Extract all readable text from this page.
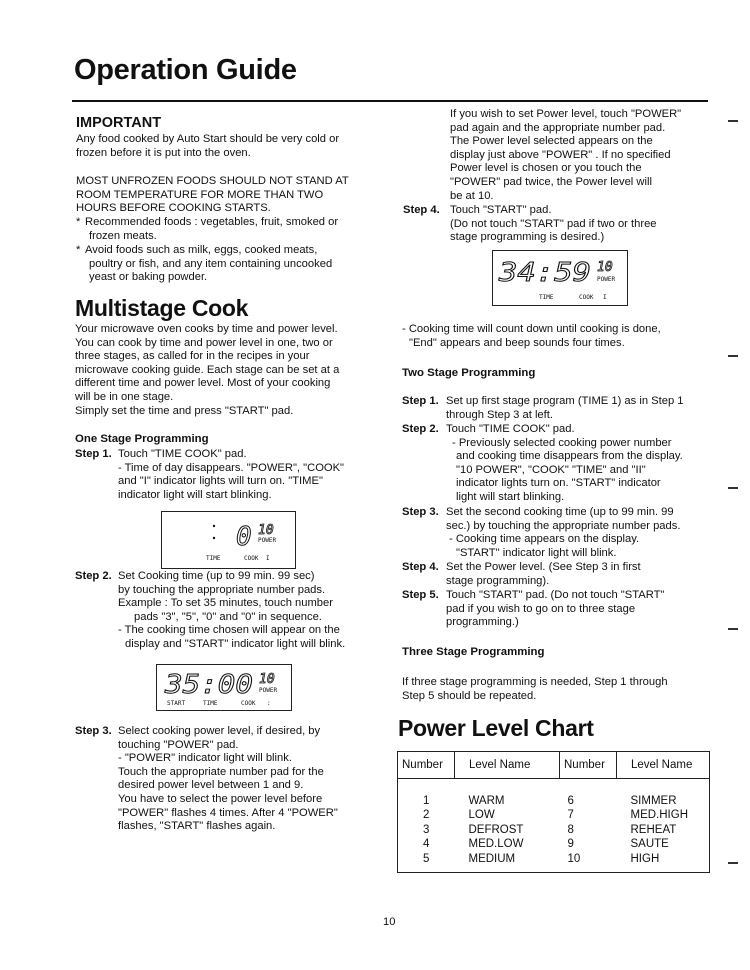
Operation Guide
IMPORTANT
Any food cooked by Auto Start should be very cold or
frozen before it is put into the oven.
MOST UNFROZEN FOODS SHOULD NOT STAND AT
ROOM TEMPERATURE FOR MORE THAN TWO
HOURS BEFORE COOKING STARTS.
* Recommended foods : vegetables, fruit, smoked or
frozen meats.
* Avoid foods such as milk, eggs, cooked meats,
poultry or fish, and any item containing uncooked
yeast or baking powder.
Multistage Cook
Your microwave oven cooks by time and power level.
You can cook by time and power level in one, two or
three stages, as called for in the recipes in your
microwave cooking guide. Each stage can be set at a
different time and power level. Most of your cooking
will be in one stage.
Simply set the time and press "START" pad.
One Stage Programming
Step 1. Touch "TIME COOK" pad.
- Time of day disappears. "POWER", "COOK"
and "I" indicator lights will turn on. "TIME"
indicator light will start blinking.
0 10
POWER
TIME	COOK I
Step 2. Set Cooking time (up to 99 min. 99 sec)
by touching the appropriate number pads.
Example : To set 35 minutes, touch number
pads "3", "5", "0" and "0" in sequence.
- The cooking time chosen will appear on the
display and "START" indicator light will blink.
35:00 10
POWER
START	TIME	COOK :
Step 3. Select cooking power level, if desired, by
touching "POWER" pad.
- "POWER" indicator light will blink.
Touch the appropriate number pad for the
desired power level between 1 and 9.
You have to select the power level before
"POWER" flashes 4 times. After 4 "POWER"
flashes, "START" flashes again.
If you wish to set Power level, touch "POWER"
pad again and the appropriate number pad.
The Power level selected appears on the
display just above "POWER" . If no specified
Power level is chosen or you touch the
"POWER" pad twice, the Power level will
be at 10.
Step 4. Touch "START" pad.
(Do not touch "START" pad if two or three
stage programming is desired.)
34:59 10
POWER
TIME	COOK I
- Cooking time will count down until cooking is done,
"End" appears and beep sounds four times.
Two Stage Programming
Step 1. Set up first stage program (TIME 1) as in Step 1
through Step 3 at left.
Step 2. Touch "TIME COOK" pad.
- Previously selected cooking power number
and cooking time disappears from the display.
"10 POWER", "COOK" "TIME" and "II"
indicator lights turn on. "START" indicator
light will start blinking.
Step 3. Set the second cooking time (up to 99 min. 99
sec.) by touching the appropriate number pads.
- Cooking time appears on the display.
"START" indicator light will blink.
Step 4. Set the Power level. (See Step 3 in first
stage programming).
Step 5. Touch "START" pad. (Do not touch "START"
pad if you wish to go on to three stage
programming.)
Three Stage Programming
If three stage programming is needed, Step 1 through
Step 5 should be repeated.
Power Level Chart
Number	Level Name	Number	Level Name

1	WARM	6	SIMMER
2	LOW	7	MED.HIGH
3	DEFROST	8	REHEAT
4	MED.LOW	9	SAUTE
5	MEDIUM	10	HIGH
10
